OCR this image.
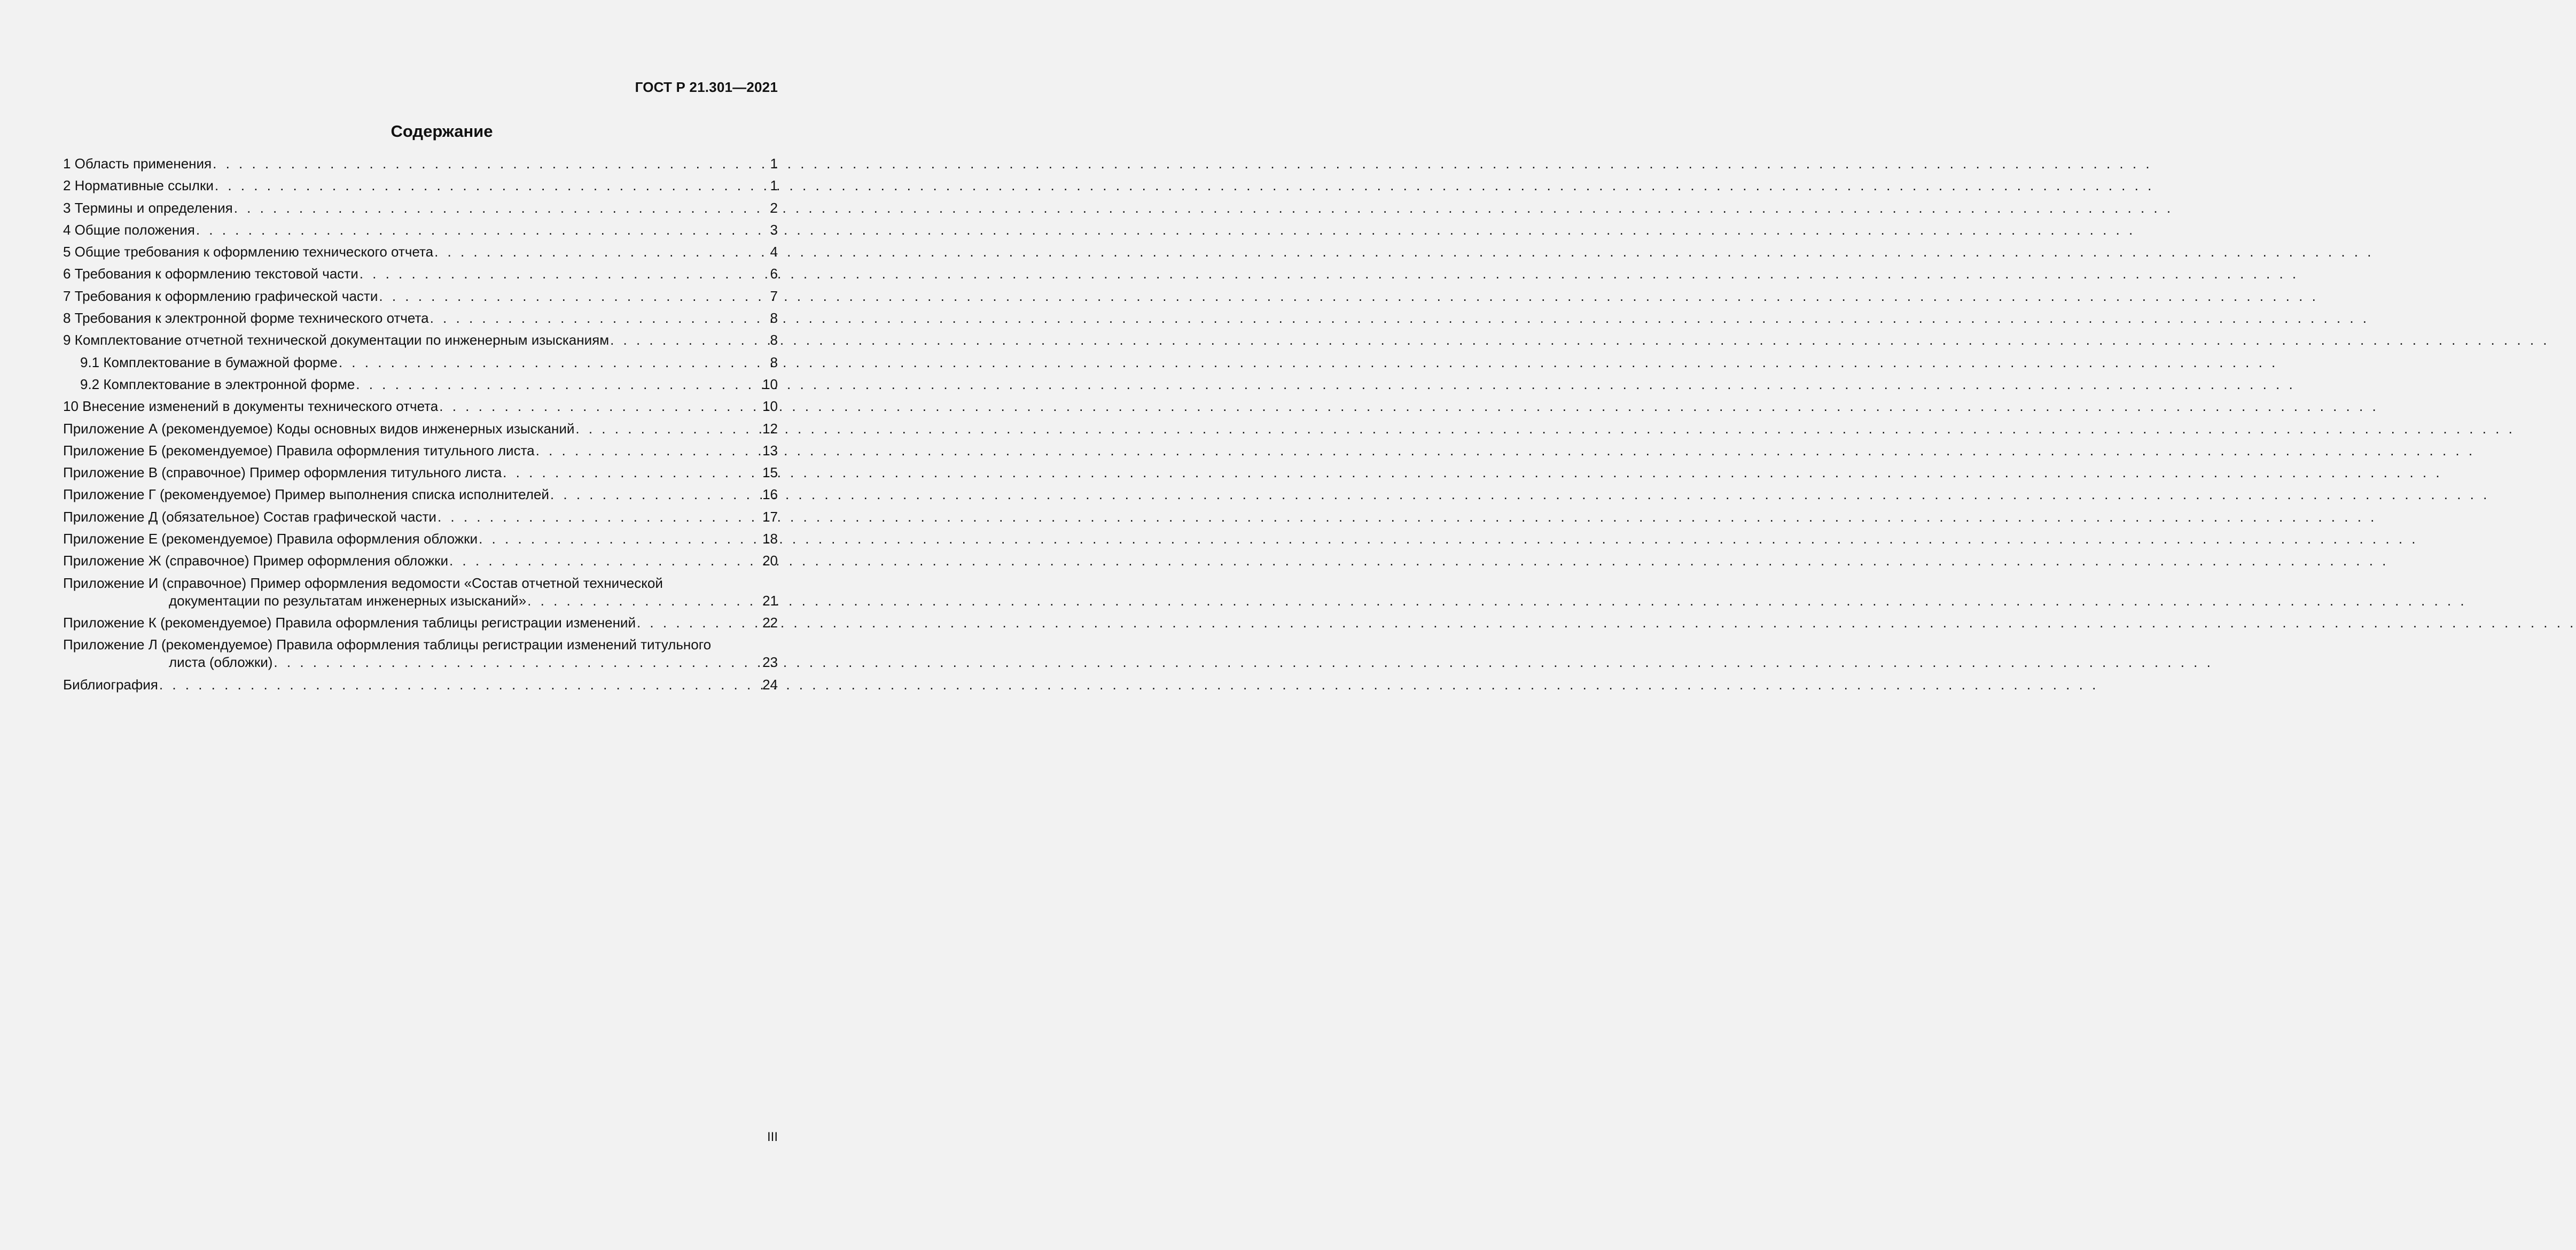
ГОСТ Р 21.301—2021
Содержание
1 Область применения . . .	1
2 Нормативные ссылки . . .	1
3 Термины и определения . . .	2
4 Общие положения . . .	3
5 Общие требования к оформлению технического отчета . . .	4
6 Требования к оформлению текстовой части . . .	6
7 Требования к оформлению графической части . . .	7
8 Требования к электронной форме технического отчета . . .	8
9 Комплектование отчетной технической документации по инженерным изысканиям . . .	8
9.1 Комплектование в бумажной форме . . .	8
9.2 Комплектование в электронной форме . . .	10
10 Внесение изменений в документы технического отчета . . .	10
Приложение А (рекомендуемое) Коды основных видов инженерных изысканий . . .	12
Приложение Б (рекомендуемое) Правила оформления титульного листа . . .	13
Приложение В (справочное) Пример оформления титульного листа . . .	15
Приложение Г (рекомендуемое) Пример выполнения списка исполнителей . . .	16
Приложение Д (обязательное) Состав графической части . . .	17
Приложение Е (рекомендуемое) Правила оформления обложки . . .	18
Приложение Ж (справочное) Пример оформления обложки . . .	20
Приложение И (справочное) Пример оформления ведомости «Состав отчетной технической
документации по результатам инженерных изысканий» . . .	21
Приложение К (рекомендуемое) Правила оформления таблицы регистрации изменений . . .	22
Приложение Л (рекомендуемое) Правила оформления таблицы регистрации изменений титульного
листа (обложки) . . .	23
Библиография . . .	24
III
